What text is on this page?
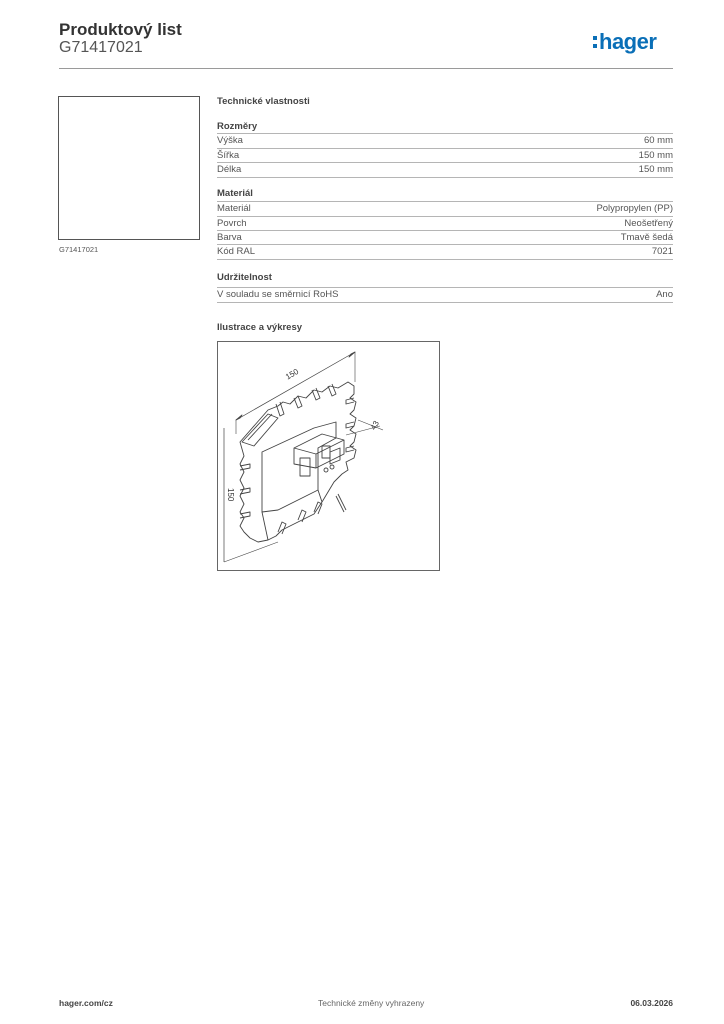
Produktový list
G71417021	hager
G71417021
Technické vlastnosti
Rozměry
Výška	60 mm
Šířka	150 mm
Délka	150 mm
Materiál
Materiál	Polypropylen (PP)
Povrch	Neošetřený
Barva	Tmavě šedá
Kód RAL	7021
Udržitelnost
V souladu se směrnicí RoHS	Ano
Ilustrace a výkresy
150
150
43
hager.com/cz	Technické změny vyhrazeny	06.03.2026
